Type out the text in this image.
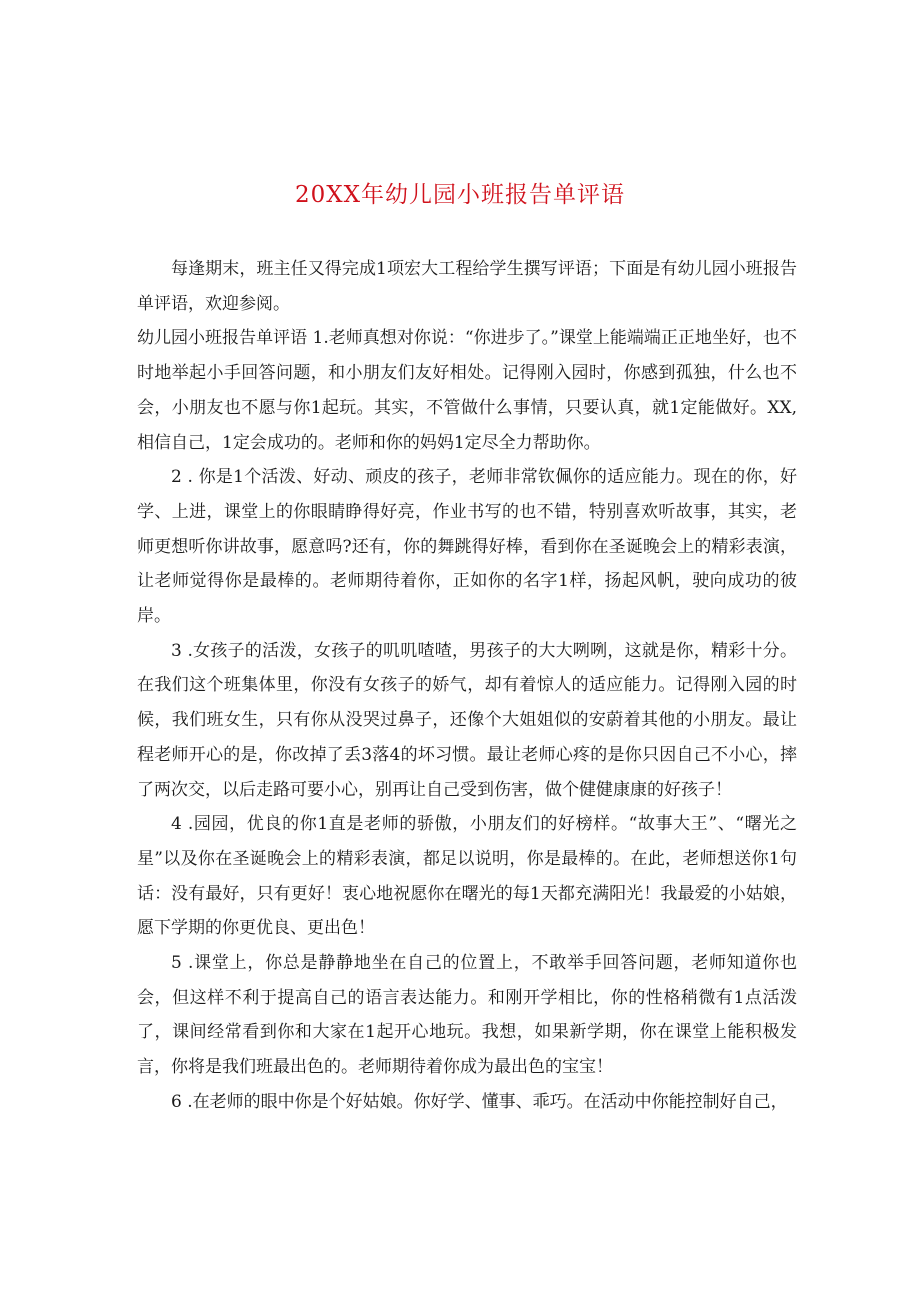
20XX年幼儿园小班报告单评语

每逢期末，班主任又得完成1项宏大工程给学生撰写评语；下面是有幼儿园小班报告单评语，欢迎参阅。

幼儿园小班报告单评语 1.老师真想对你说：“你进步了。”课堂上能端端正正地坐好，也不时地举起小手回答问题，和小朋友们友好相处。记得刚入园时，你感到孤独，什么也不会，小朋友也不愿与你1起玩。其实，不管做什么事情，只要认真，就1定能做好。XX,相信自己，1定会成功的。老师和你的妈妈1定尽全力帮助你。

2 . 你是1个活泼、好动、顽皮的孩子，老师非常钦佩你的适应能力。现在的你，好学、上进，课堂上的你眼睛睁得好亮，作业书写的也不错，特别喜欢听故事，其实，老师更想听你讲故事，愿意吗?还有，你的舞跳得好棒，看到你在圣诞晚会上的精彩表演，让老师觉得你是最棒的。老师期待着你，正如你的名字1样，扬起风帆，驶向成功的彼岸。

3 .女孩子的活泼，女孩子的叽叽喳喳，男孩子的大大咧咧，这就是你，精彩十分。在我们这个班集体里，你没有女孩子的娇气，却有着惊人的适应能力。记得刚入园的时候，我们班女生，只有你从没哭过鼻子，还像个大姐姐似的安蔚着其他的小朋友。最让程老师开心的是，你改掉了丢3落4的坏习惯。最让老师心疼的是你只因自己不小心，摔了两次交，以后走路可要小心，别再让自己受到伤害，做个健健康康的好孩子！

4 .园园，优良的你1直是老师的骄傲，小朋友们的好榜样。“故事大王”、“曙光之星”以及你在圣诞晚会上的精彩表演，都足以说明，你是最棒的。在此，老师想送你1句话：没有最好，只有更好！衷心地祝愿你在曙光的每1天都充满阳光！我最爱的小姑娘，愿下学期的你更优良、更出色！

5 .课堂上，你总是静静地坐在自己的位置上，不敢举手回答问题，老师知道你也会，但这样不利于提高自己的语言表达能力。和刚开学相比，你的性格稍微有1点活泼了，课间经常看到你和大家在1起开心地玩。我想，如果新学期，你在课堂上能积极发言，你将是我们班最出色的。老师期待着你成为最出色的宝宝！

6 .在老师的眼中你是个好姑娘。你好学、懂事、乖巧。在活动中你能控制好自己，
